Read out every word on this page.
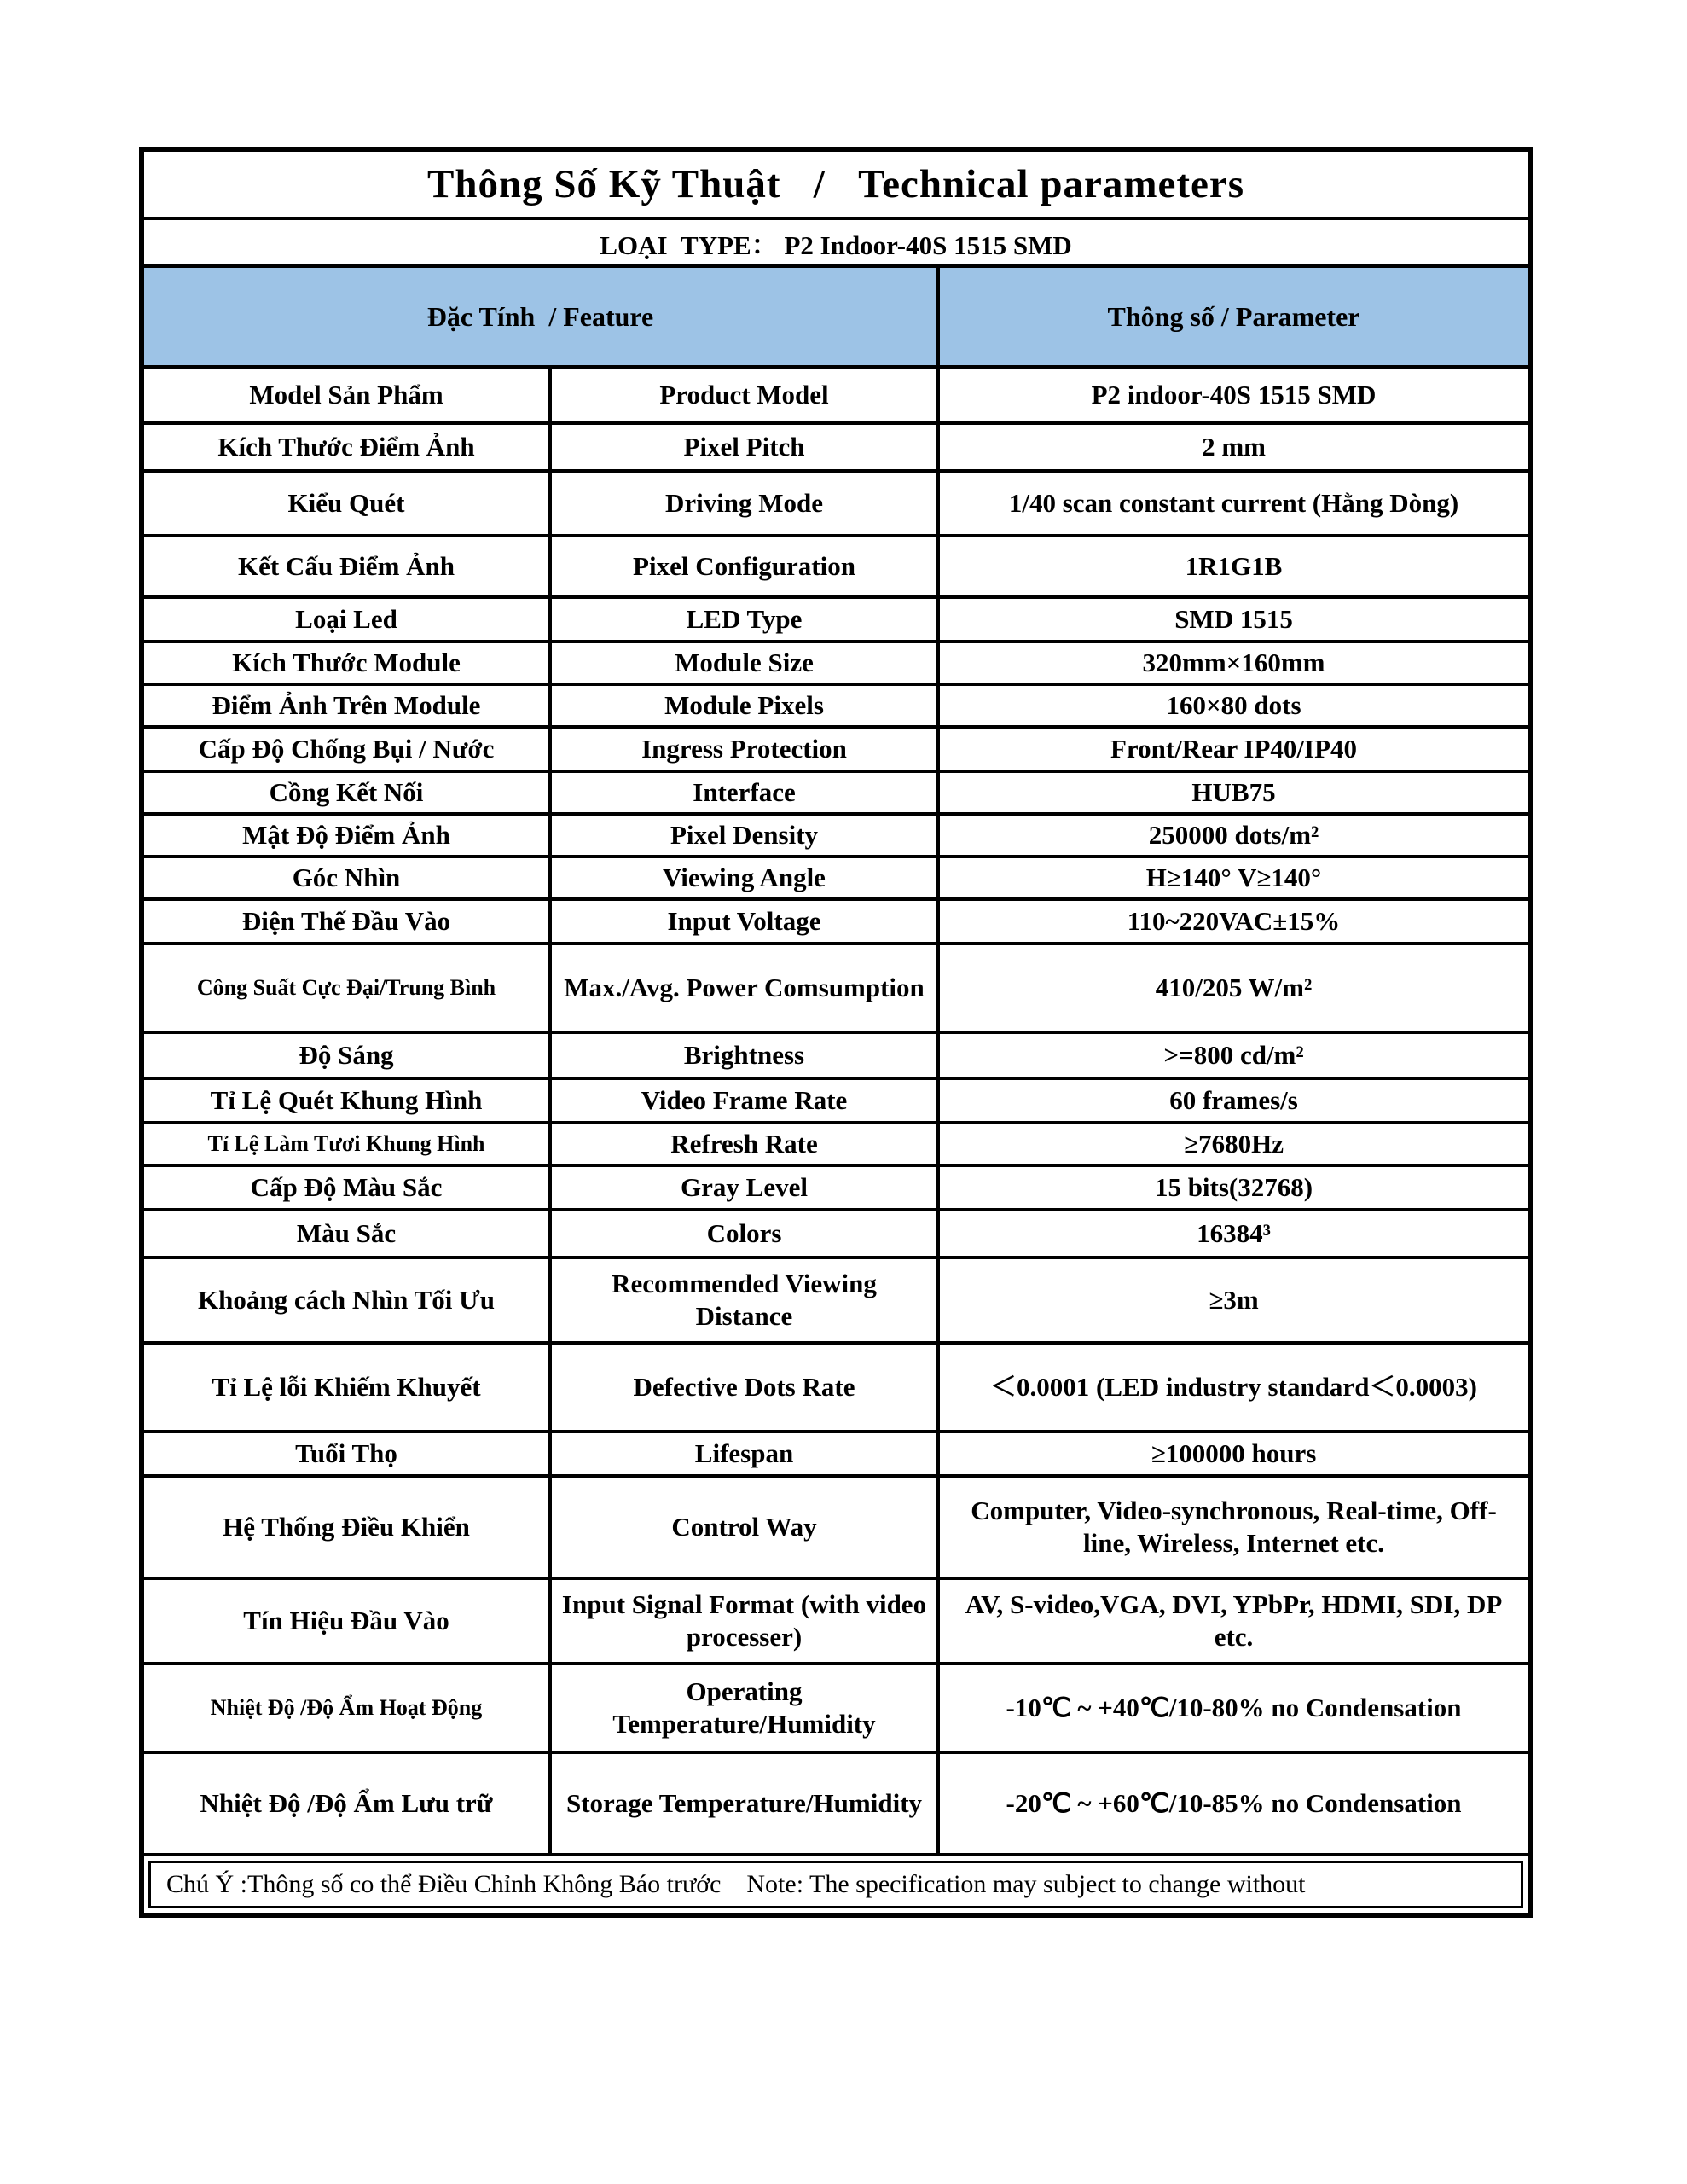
Thông Số Kỹ Thuật   /   Technical parameters		
LOẠI  TYPE： P2 Indoor-40S 1515 SMD		
Đặc Tính  / Feature		Thông số / Parameter
Model Sản Phẩm	Product Model	P2 indoor-40S 1515 SMD
Kích Thước Điểm Ảnh	Pixel Pitch	2 mm
Kiểu Quét	Driving Mode	1/40 scan constant current (Hằng Dòng)
Kết Cấu Điểm Ảnh	Pixel Configuration	1R1G1B
Loại Led	LED Type	SMD 1515
Kích Thước Module	Module Size	320mm×160mm
Điểm Ảnh Trên Module	Module Pixels	160×80 dots
Cấp Độ Chống Bụi / Nước	Ingress Protection	Front/Rear IP40/IP40
Cồng Kết Nối	Interface	HUB75
Mật Độ Điểm Ảnh	Pixel Density	250000 dots/m²
Góc Nhìn	Viewing Angle	H≥140° V≥140°
Điện Thế Đầu Vào	Input Voltage	110~220VAC±15%
Công Suất Cực Đại/Trung Bình	Max./Avg. Power Comsumption	410/205 W/m²
Độ Sáng	Brightness	>=800 cd/m²
Tỉ Lệ Quét Khung Hình	Video Frame Rate	60 frames/s
Tỉ Lệ Làm Tươi Khung Hình	Refresh Rate	≥7680Hz
Cấp Độ Màu Sắc	Gray Level	15 bits(32768)
Màu Sắc	Colors	16384³
Khoảng cách Nhìn Tối Ưu	Recommended Viewing Distance	≥3m
Tỉ Lệ lỗi Khiếm Khuyết	Defective Dots Rate	＜0.0001 (LED industry standard＜0.0003)
Tuổi Thọ	Lifespan	≥100000 hours
Hệ Thống Điều Khiển	Control Way	Computer, Video-synchronous, Real-time, Off-line, Wireless, Internet etc.
Tín Hiệu Đầu Vào	Input Signal Format (with video processer)	AV, S-video,VGA, DVI, YPbPr, HDMI, SDI, DP etc.
Nhiệt Độ /Độ Ẩm Hoạt Động	Operating Temperature/Humidity	-10℃ ~ +40℃/10-80% no Condensation
Nhiệt Độ /Độ Ẩm Lưu trữ	Storage Temperature/Humidity	-20℃ ~ +60℃/10-85% no Condensation
Chú Ý :Thông số co thể Điều Chỉnh Không Báo trước    Note: The specification may subject to change without		
